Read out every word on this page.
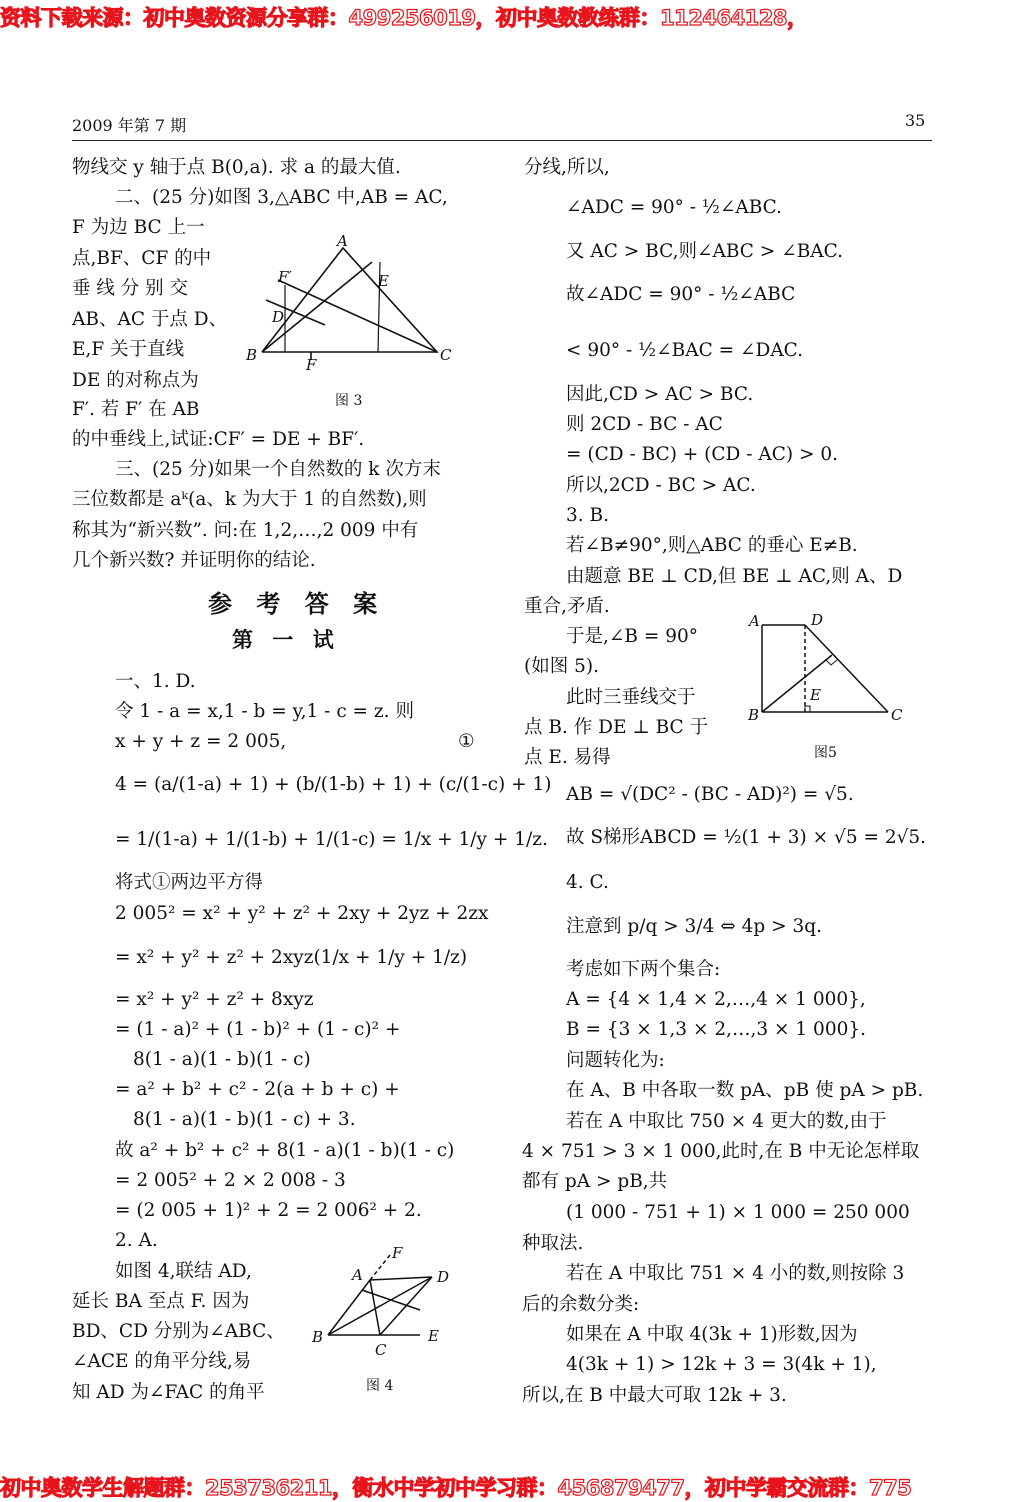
资料下载来源：初中奥数资源分享群：499256019，初中奥数教练群：112464128，
初中奥数学生解题群：253736211，衡水中学初中学习群：456879477，初中学霸交流群：775
2009 年第 7 期	35
物线交 y 轴于点 B(0,a). 求 a 的最大值.
二、(25 分)如图 3,△ABC 中,AB = AC,
F 为边 BC 上一
点,BF、CF 的中
垂 线 分 别 交
AB、AC 于点 D、
E,F 关于直线
DE 的对称点为
F′. 若 F′ 在 AB
的中垂线上,试证:CF′ = DE + BF′.
三、(25 分)如果一个自然数的 k 次方末
三位数都是 aᵏ(a、k 为大于 1 的自然数),则
称其为“新兴数”. 问:在 1,2,…,2 009 中有
几个新兴数? 并证明你的结论.
参 考 答 案
第 一 试
一、1. D.
令 1 - a = x,1 - b = y,1 - c = z. 则
x + y + z = 2 005,	①
4 = (a/(1-a) + 1) + (b/(1-b) + 1) + (c/(1-c) + 1)
= 1/(1-a) + 1/(1-b) + 1/(1-c) = 1/x + 1/y + 1/z.
将式①两边平方得
2 005² = x² + y² + z² + 2xy + 2yz + 2zx
= x² + y² + z² + 2xyz(1/x + 1/y + 1/z)
= x² + y² + z² + 8xyz
= (1 - a)² + (1 - b)² + (1 - c)² +
8(1 - a)(1 - b)(1 - c)
= a² + b² + c² - 2(a + b + c) +
8(1 - a)(1 - b)(1 - c) + 3.
故 a² + b² + c² + 8(1 - a)(1 - b)(1 - c)
= 2 005² + 2 × 2 008 - 3
= (2 005 + 1)² + 2 = 2 006² + 2.
2. A.
如图 4,联结 AD,
延长 BA 至点 F. 因为
BD、CD 分别为∠ABC、
∠ACE 的角平分线,易
知 AD 为∠FAC 的角平
分线,所以,
∠ADC = 90° - ½∠ABC.
又 AC > BC,则∠ABC > ∠BAC.
故∠ADC = 90° - ½∠ABC
< 90° - ½∠BAC = ∠DAC.
因此,CD > AC > BC.
则 2CD - BC - AC
= (CD - BC) + (CD - AC) > 0.
所以,2CD - BC > AC.
3. B.
若∠B≠90°,则△ABC 的垂心 E≠B.
由题意 BE ⊥ CD,但 BE ⊥ AC,则 A、D
重合,矛盾.
于是,∠B = 90°
(如图 5).
此时三垂线交于
点 B. 作 DE ⊥ BC 于
点 E. 易得
AB = √(DC² - (BC - AD)²) = √5.
故 S梯形ABCD = ½(1 + 3) × √5 = 2√5.
4. C.
注意到 p/q > 3/4 ⇔ 4p > 3q.
考虑如下两个集合:
A = {4 × 1,4 × 2,…,4 × 1 000},
B = {3 × 1,3 × 2,…,3 × 1 000}.
问题转化为:
在 A、B 中各取一数 pA、pB 使 pA > pB.
若在 A 中取比 750 × 4 更大的数,由于
4 × 751 > 3 × 1 000,此时,在 B 中无论怎样取
都有 pA > pB,共
(1 000 - 751 + 1) × 1 000 = 250 000
种取法.
若在 A 中取比 751 × 4 小的数,则按除 3
后的余数分类:
如果在 A 中取 4(3k + 1)形数,因为
4(3k + 1) > 12k + 3 = 3(4k + 1),
所以,在 B 中最大可取 12k + 3.
A
B	C
D
E
F
F′
图 3
A
B
C
D
E
F
图 4
A
B	C
D
E
图5
